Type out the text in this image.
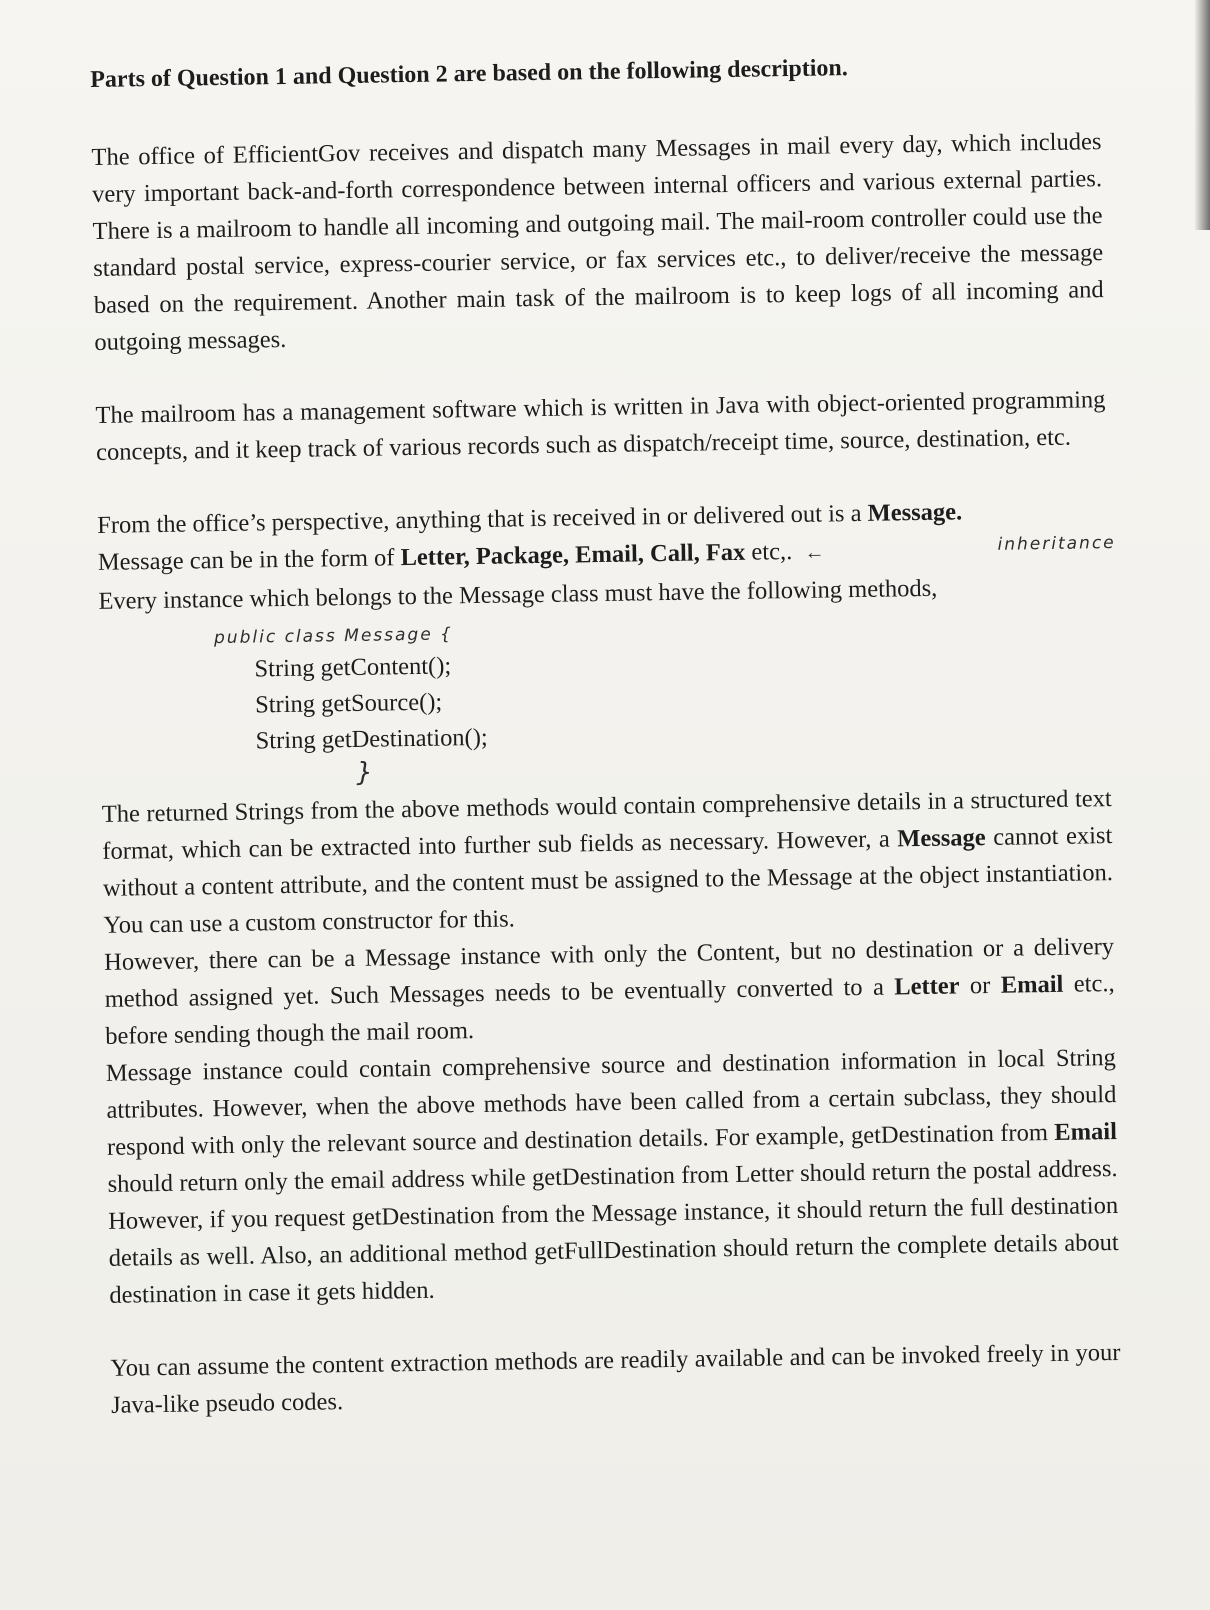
Parts of Question 1 and Question 2 are based on the following description.

The office of EfficientGov receives and dispatch many Messages in mail every day, which includes very important back-and-forth correspondence between internal officers and various external parties. There is a mailroom to handle all incoming and outgoing mail. The mail-room controller could use the standard postal service, express-courier service, or fax services etc., to deliver/receive the message based on the requirement. Another main task of the mailroom is to keep logs of all incoming and outgoing messages.

The mailroom has a management software which is written in Java with object-oriented programming concepts, and it keep track of various records such as dispatch/receipt time, source, destination, etc.

From the office’s perspective, anything that is received in or delivered out is a Message.

Message can be in the form of Letter, Package, Email, Call, Fax etc,. ←	inheritance

Every instance which belongs to the Message class must have the following methods,

public class Message {
String getContent();
String getSource();
String getDestination();
}

The returned Strings from the above methods would contain comprehensive details in a structured text format, which can be extracted into further sub fields as necessary. However, a Message cannot exist without a content attribute, and the content must be assigned to the Message at the object instantiation. You can use a custom constructor for this.

However, there can be a Message instance with only the Content, but no destination or a delivery method assigned yet. Such Messages needs to be eventually converted to a Letter or Email etc., before sending though the mail room.

Message instance could contain comprehensive source and destination information in local String attributes. However, when the above methods have been called from a certain subclass, they should respond with only the relevant source and destination details. For example, getDestination from Email should return only the email address while getDestination from Letter should return the postal address. However, if you request getDestination from the Message instance, it should return the full destination details as well. Also, an additional method getFullDestination should return the complete details about destination in case it gets hidden.

You can assume the content extraction methods are readily available and can be invoked freely in your Java-like pseudo codes.
